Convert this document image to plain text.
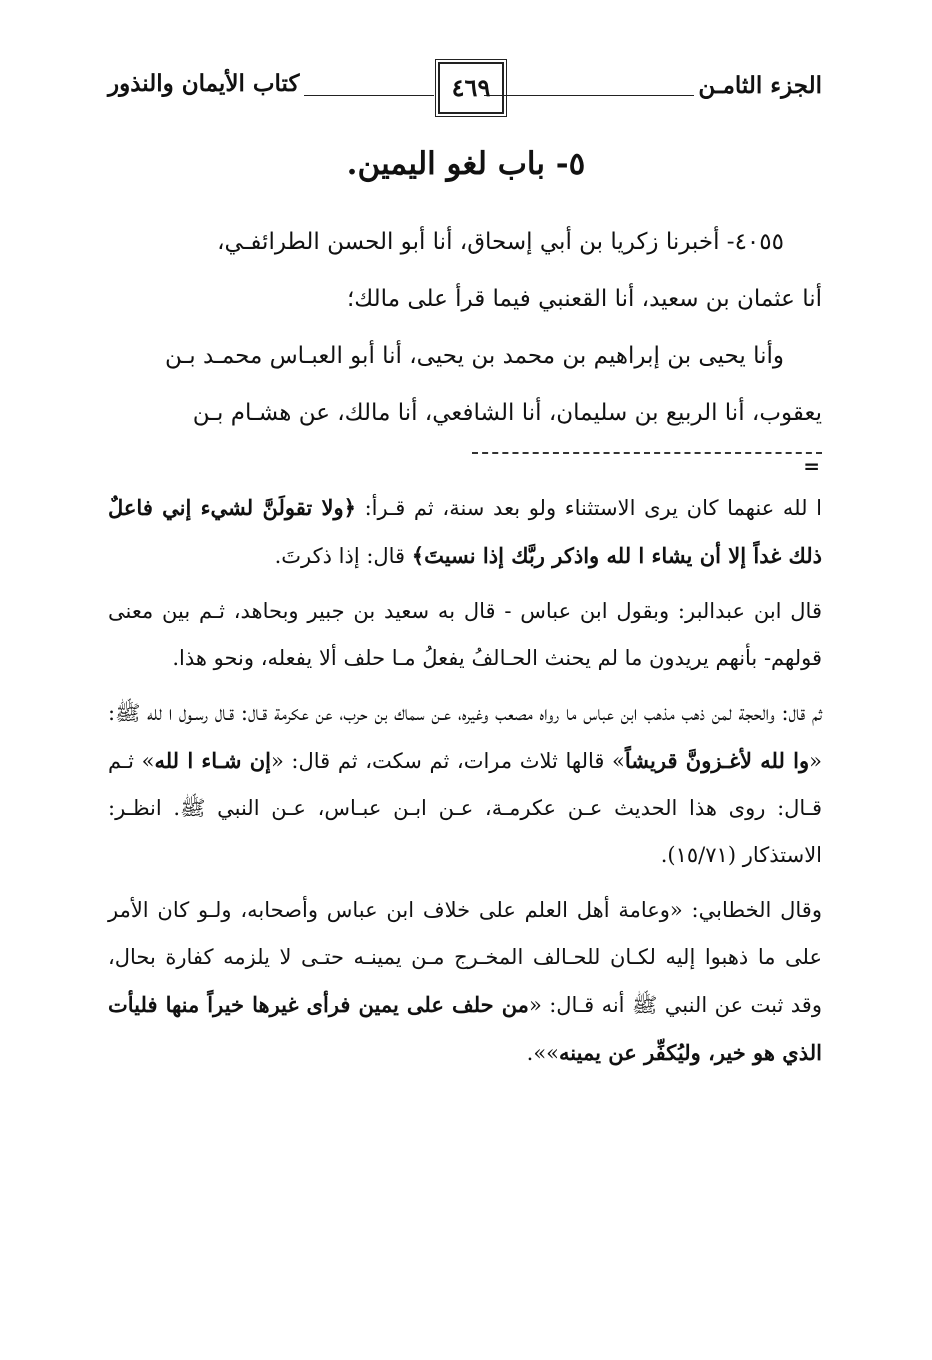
الجزء الثامـن
٤٦٩
كتاب الأيمان والنذور
٥- باب لغو اليمين.

٤٠٥٥- أخبرنا زكريا بن أبي إسحاق، أنا أبو الحسن الطرائفـي،

أنا عثمان بن سعيد، أنا القعنبي فيما قرأ على مالك؛

وأنا يحيى بن إبراهيم بن محمد بن يحيى، أنا أبو العبـاس محمـد بـن

يعقوب، أنا الربيع بن سليمان، أنا الشافعي، أنا مالك، عن هشـام بـن

=

ا لله عنهما كان يرى الاستثناء ولو بعد سنة، ثم قـرأ: ﴿ولا تقولَنَّ لشيء إني فاعلٌ ذلك غداً إلا أن يشاء ا لله واذكر ربَّك إذا نسيتَ﴾ قال: إذا ذكرتَ.

قال ابن عبدالبر: وبقول ابن عباس - قال به سعيد بن جبير وبحاهد، ثـم بين معنى قولهم- بأنهم يريدون ما لم يحنث الحـالفُ يفعلُ مـا حلف ألا يفعله، ونحو هذا.

ثم قال: والحجة لمن ذهب مذهب ابن عباس ما رواه مصعب وغيره، عـن سماك بن حرب، عن عكرمة قـال: قـال رسـول ا لله ﷺ: «وا لله لأغـزونَّ قريشاً» قالها ثلاث مرات، ثم سكت، ثم قال: «إن شـاء ا لله» ثـم قـال: روى هذا الحديث عـن عكرمـة، عـن ابـن عبـاس، عـن النبي ﷺ. انظـر: الاستذكار (١٥/٧١).

وقال الخطابي: «وعامة أهل العلم على خلاف ابن عباس وأصحابه، ولـو كان الأمر على ما ذهبوا إليه لكـان للحـالف المخـرج مـن يمينـه حتـى لا يلزمه كفارة بحال، وقد ثبت عن النبي ﷺ أنه قـال: «من حلف على يمين فرأى غيرها خيراً منها فليأت الذي هو خير، وليُكفِّر عن يمينه»».
